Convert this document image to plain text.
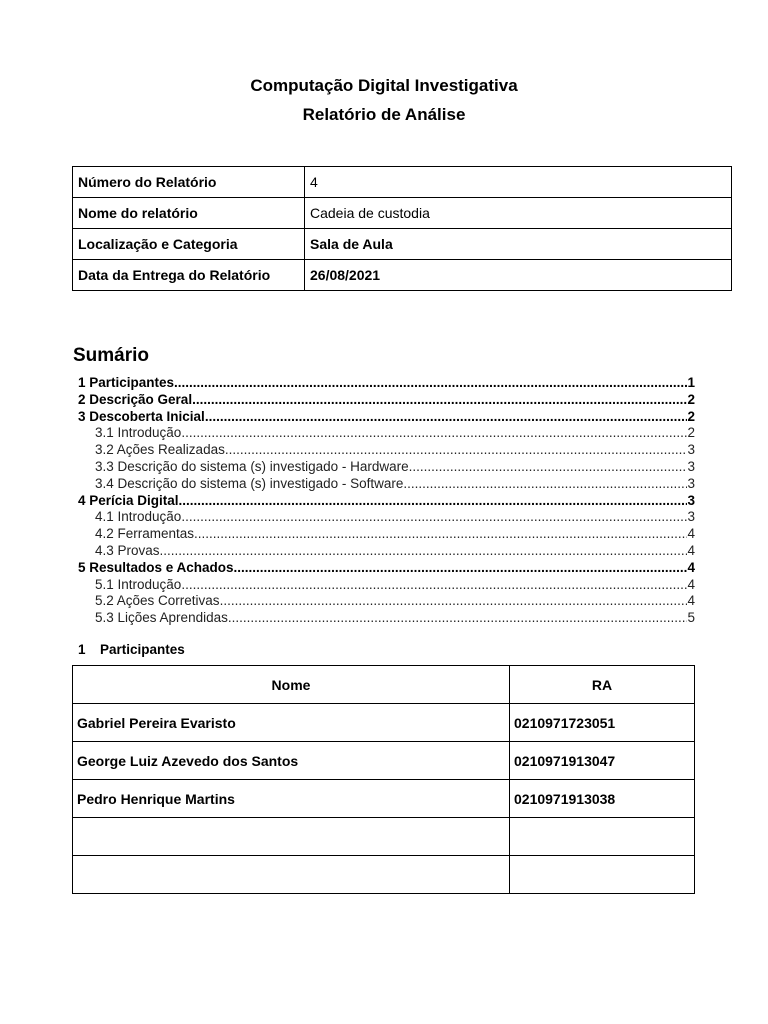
Computação Digital Investigativa
Relatório de Análise
Número do Relatório	4
Nome do relatório	Cadeia de custodia
Localização e Categoria	Sala de Aula
Data da Entrega do Relatório	26/08/2021
Sumário
1 Participantes .....	1
2 Descrição Geral .....	2
3 Descoberta Inicial .....	2
3.1 Introdução .....	2
3.2 Ações Realizadas .....	3
3.3 Descrição do sistema (s) investigado - Hardware .....	3
3.4 Descrição do sistema (s) investigado - Software .....	3
4 Perícia Digital .....	3
4.1 Introdução .....	3
4.2 Ferramentas .....	4
4.3 Provas .....	4
5 Resultados e Achados .....	4
5.1 Introdução .....	4
5.2 Ações Corretivas .....	4
5.3 Lições Aprendidas .....	5
1 Participantes
Nome	RA
Gabriel Pereira Evaristo	0210971723051
George Luiz Azevedo dos Santos	0210971913047
Pedro Henrique Martins	0210971913038
